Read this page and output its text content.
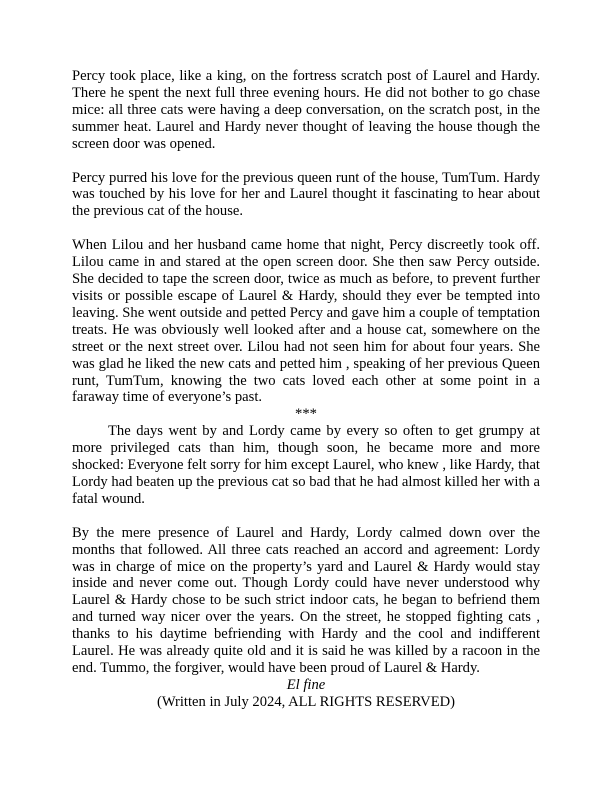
Percy took place, like a king, on the fortress scratch post of Laurel and Hardy. There he spent the next full three evening hours. He did not bother to go chase mice: all three cats were having a deep conversation, on the scratch post, in the summer heat. Laurel and Hardy never thought of leaving the house though the screen door was opened.

Percy purred his love for the previous queen runt of the house, TumTum. Hardy was touched by his love for her and Laurel thought it fascinating to hear about the previous cat of the house.

When Lilou and her husband came home that night, Percy discreetly took off. Lilou came in and stared at the open screen door. She then saw Percy outside. She decided to tape the screen door, twice as much as before, to prevent further visits or possible escape of Laurel & Hardy, should they ever be tempted into leaving. She went outside and petted Percy and gave him a couple of temptation treats. He was obviously well looked after and a house cat, somewhere on the street or the next street over. Lilou had not seen him for about four years. She was glad he liked the new cats and petted him , speaking of her previous Queen runt, TumTum, knowing the two cats loved each other at some point in a faraway time of everyone’s past.

***

The days went by and Lordy came by every so often to get grumpy at more privileged cats than him, though soon, he became more and more shocked: Everyone felt sorry for him except Laurel, who knew , like Hardy, that Lordy had beaten up the previous cat so bad that he had almost killed her with a fatal wound.

By the mere presence of Laurel and Hardy, Lordy calmed down over the months that followed. All three cats reached an accord and agreement: Lordy was in charge of mice on the property’s yard and Laurel & Hardy would stay inside and never come out. Though Lordy could have never understood why Laurel & Hardy chose to be such strict indoor cats, he began to befriend them and turned way nicer over the years. On the street, he stopped fighting cats , thanks to his daytime befriending with Hardy and the cool and indifferent Laurel. He was already quite old and it is said he was killed by a racoon in the end. Tummo, the forgiver, would have been proud of Laurel & Hardy.

El fine

(Written in July 2024, ALL RIGHTS RESERVED)
